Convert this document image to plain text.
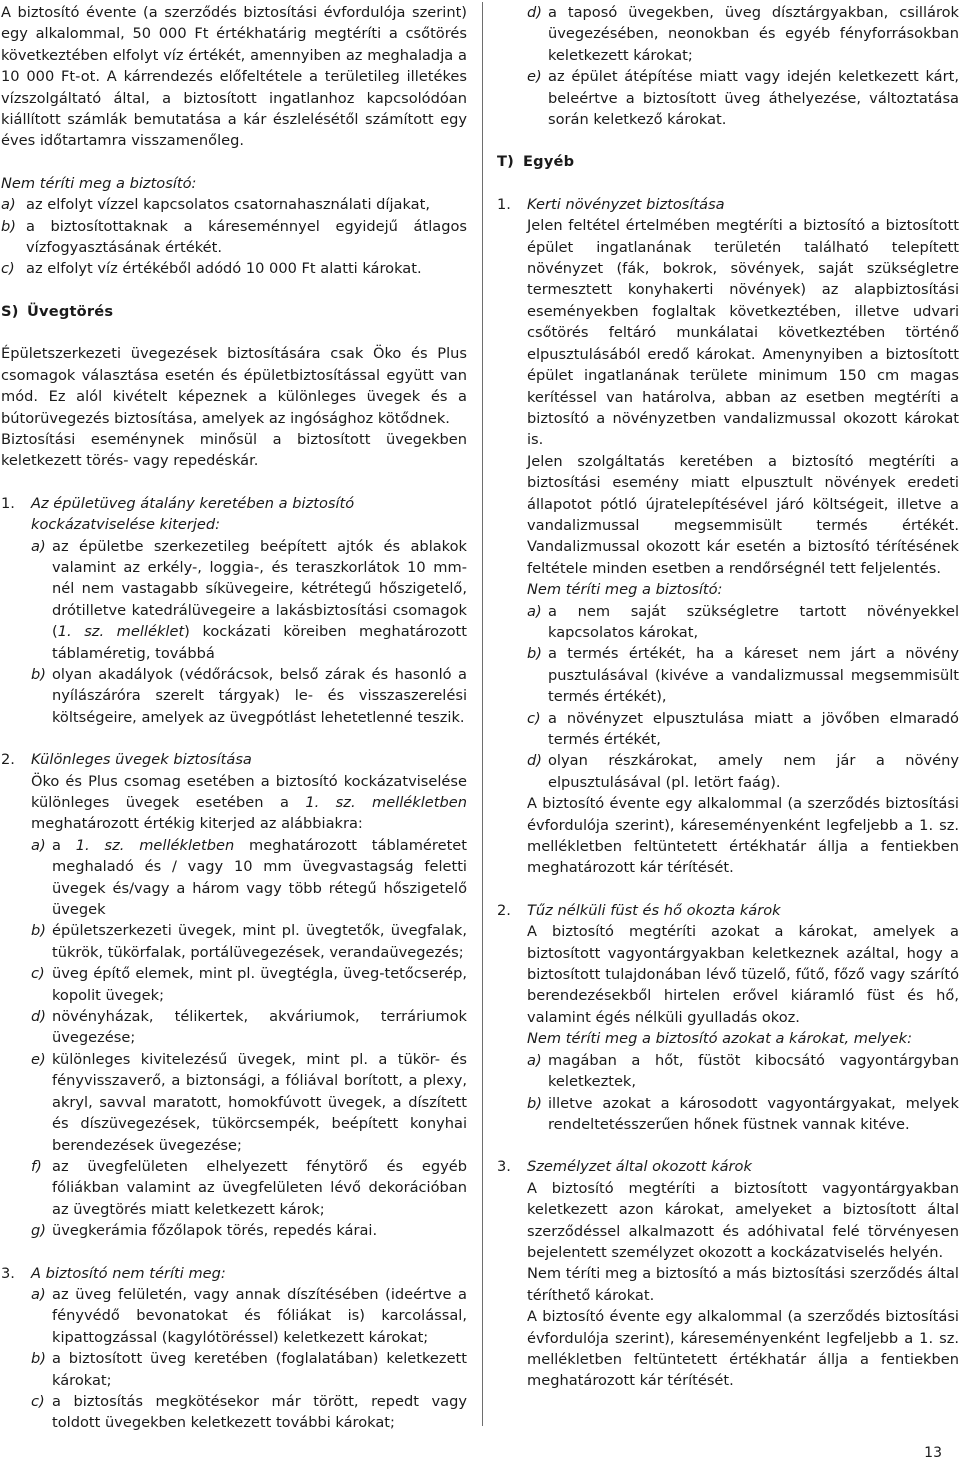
A biztosító évente (a szerződés biztosítási évfordulója szerint) egy alkalommal, 50 000 Ft értékhatárig megtéríti a csőtörés következtében elfolyt víz értékét, amennyiben az meghaladja a 10 000 Ft-ot. A kárrendezés előfeltétele a területileg illetékes vízszolgáltató által, a biztosított ingatlanhoz kapcsolódóan kiállított számlák bemutatása a kár észlelésétől számított egy éves időtartamra visszamenőleg.

Nem téríti meg a biztosító:

a) az elfolyt vízzel kapcsolatos csatornahasználati díjakat,
b) a biztosítottaknak a káreseménnyel egyidejű átlagos vízfogyasztásának értékét.
c) az elfolyt víz értékéből adódó 10 000 Ft alatti károkat.
S) Üvegtörés

Épületszerkezeti üvegezések biztosítására csak Öko és Plus csomagok választása esetén és épületbiztosítással együtt van mód. Ez alól kivételt képeznek a különleges üvegek és a bútorüvegezés biztosítása, amelyek az ingósághoz kötődnek.

Biztosítási eseménynek minősül a biztosított üvegekben keletkezett törés- vagy repedéskár.

1.	Az épületüveg átalány keretében a biztosító kockázatviselése kiterjed:
a) az épületbe szerkezetileg beépített ajtók és ablakok valamint az erkély-, loggia-, és teraszkorlátok 10 mm-nél nem vastagabb síküvegeire, kétrétegű hőszigetelő, drótilletve katedrálüvegeire a lakásbiztosítási csomagok (1. sz. melléklet) kockázati köreiben meghatározott táblaméretig, továbbá
b) olyan akadályok (védőrácsok, belső zárak és hasonló a nyílászáróra szerelt tárgyak) le- és visszaszerelési költségeire, amelyek az üvegpótlást lehetetlenné teszik.
2.	Különleges üvegek biztosítása

Öko és Plus csomag esetében a biztosító kockázatviselése különleges üvegek esetében a 1. sz. mellékletben meghatározott értékig kiterjed az alábbiakra:

a) a 1. sz. mellékletben meghatározott táblaméretet meghaladó és / vagy 10 mm üvegvastagság feletti üvegek és/vagy a három vagy több rétegű hőszigetelő üvegek
b) épületszerkezeti üvegek, mint pl. üvegtetők, üvegfalak, tükrök, tükörfalak, portálüvegezések, verandaüvegezés;
c) üveg építő elemek, mint pl. üvegtégla, üveg-tetőcserép, kopolit üvegek;
d) növényházak, télikertek, akváriumok, terráriumok üvegezése;
e) különleges kivitelezésű üvegek, mint pl. a tükör- és fényvisszaverő, a biztonsági, a fóliával borított, a plexy, akryl, savval maratott, homokfúvott üvegek, a díszített és díszüvegezések, tükörcsempék, beépített konyhai berendezések üvegezése;
f) az üvegfelületen elhelyezett fénytörő és egyéb fóliákban valamint az üvegfelületen lévő dekorációban az üvegtörés miatt keletkezett károk;
g) üvegkerámia főzőlapok törés, repedés kárai.
3.	A biztosító nem téríti meg:
a) az üveg felületén, vagy annak díszítésében (ideértve a fényvédő bevonatokat és fóliákat is) karcolással, kipattogzással (kagylótöréssel) keletkezett károkat;
b) a biztosított üveg keretében (foglalatában) keletkezett károkat;
c) a biztosítás megkötésekor már törött, repedt vagy toldott üvegekben keletkezett további károkat;
d) a taposó üvegekben, üveg dísztárgyakban, csillárok üvegezésében, neonokban és egyéb fényforrásokban keletkezett károkat;
e) az épület átépítése miatt vagy idején keletkezett kárt, beleértve a biztosított üveg áthelyezése, változtatása során keletkező károkat.
T) Egyéb
1.	Kerti növényzet biztosítása

Jelen feltétel értelmében megtéríti a biztosító a biztosított épület ingatlanának területén található telepített növényzet (fák, bokrok, sövények, saját szükségletre termesztett konyhakerti növények) az alapbiztosítási eseményekben foglaltak következtében, illetve udvari csőtörés feltáró munkálatai következtében történő elpusztulásából eredő károkat. Amenynyiben a biztosított épület ingatlanának területe minimum 150 cm magas kerítéssel van határolva, abban az esetben megtéríti a biztosító a növényzetben vandalizmussal okozott károkat is.

Jelen szolgáltatás keretében a biztosító megtéríti a biztosítási esemény miatt elpusztult növények eredeti állapotot pótló újratelepítésével járó költségeit, illetve a vandalizmussal megsemmisült termés értékét. Vandalizmussal okozott kár esetén a biztosító térítésének feltétele minden esetben a rendőrségnél tett feljelentés.

Nem téríti meg a biztosító:

a) a nem saját szükségletre tartott növényekkel kapcsolatos károkat,
b) a termés értékét, ha a káreset nem járt a növény pusztulásával (kivéve a vandalizmussal megsemmisült termés értékét),
c) a növényzet elpusztulása miatt a jövőben elmaradó termés értékét,
d) olyan részkárokat, amely nem jár a növény elpusztulásával (pl. letört faág).

A biztosító évente egy alkalommal (a szerződés biztosítási évfordulója szerint), káreseményenként legfeljebb a 1. sz. mellékletben feltüntetett értékhatár állja a fentiekben meghatározott kár térítését.

2.	Tűz nélküli füst és hő okozta károk

A biztosító megtéríti azokat a károkat, amelyek a biztosított vagyontárgyakban keletkeznek azáltal, hogy a biztosított tulajdonában lévő tüzelő, fűtő, főző vagy szárító berendezésekből hirtelen erővel kiáramló füst és hő, valamint égés nélküli gyulladás okoz.

Nem téríti meg a biztosító azokat a károkat, melyek:

a) magában a hőt, füstöt kibocsátó vagyontárgyban keletkeztek,
b) illetve azokat a károsodott vagyontárgyakat, melyek rendeltetésszerűen hőnek füstnek vannak kitéve.
3.	Személyzet által okozott károk

A biztosító megtéríti a biztosított vagyontárgyakban keletkezett azon károkat, amelyeket a biztosított által szerződéssel alkalmazott és adóhivatal felé törvényesen bejelentett személyzet okozott a kockázatviselés helyén.

Nem téríti meg a biztosító a más biztosítási szerződés által téríthető károkat.

A biztosító évente egy alkalommal (a szerződés biztosítási évfordulója szerint), káreseményenként legfeljebb a 1. sz. mellékletben feltüntetett értékhatár állja a fentiekben meghatározott kár térítését.

13
